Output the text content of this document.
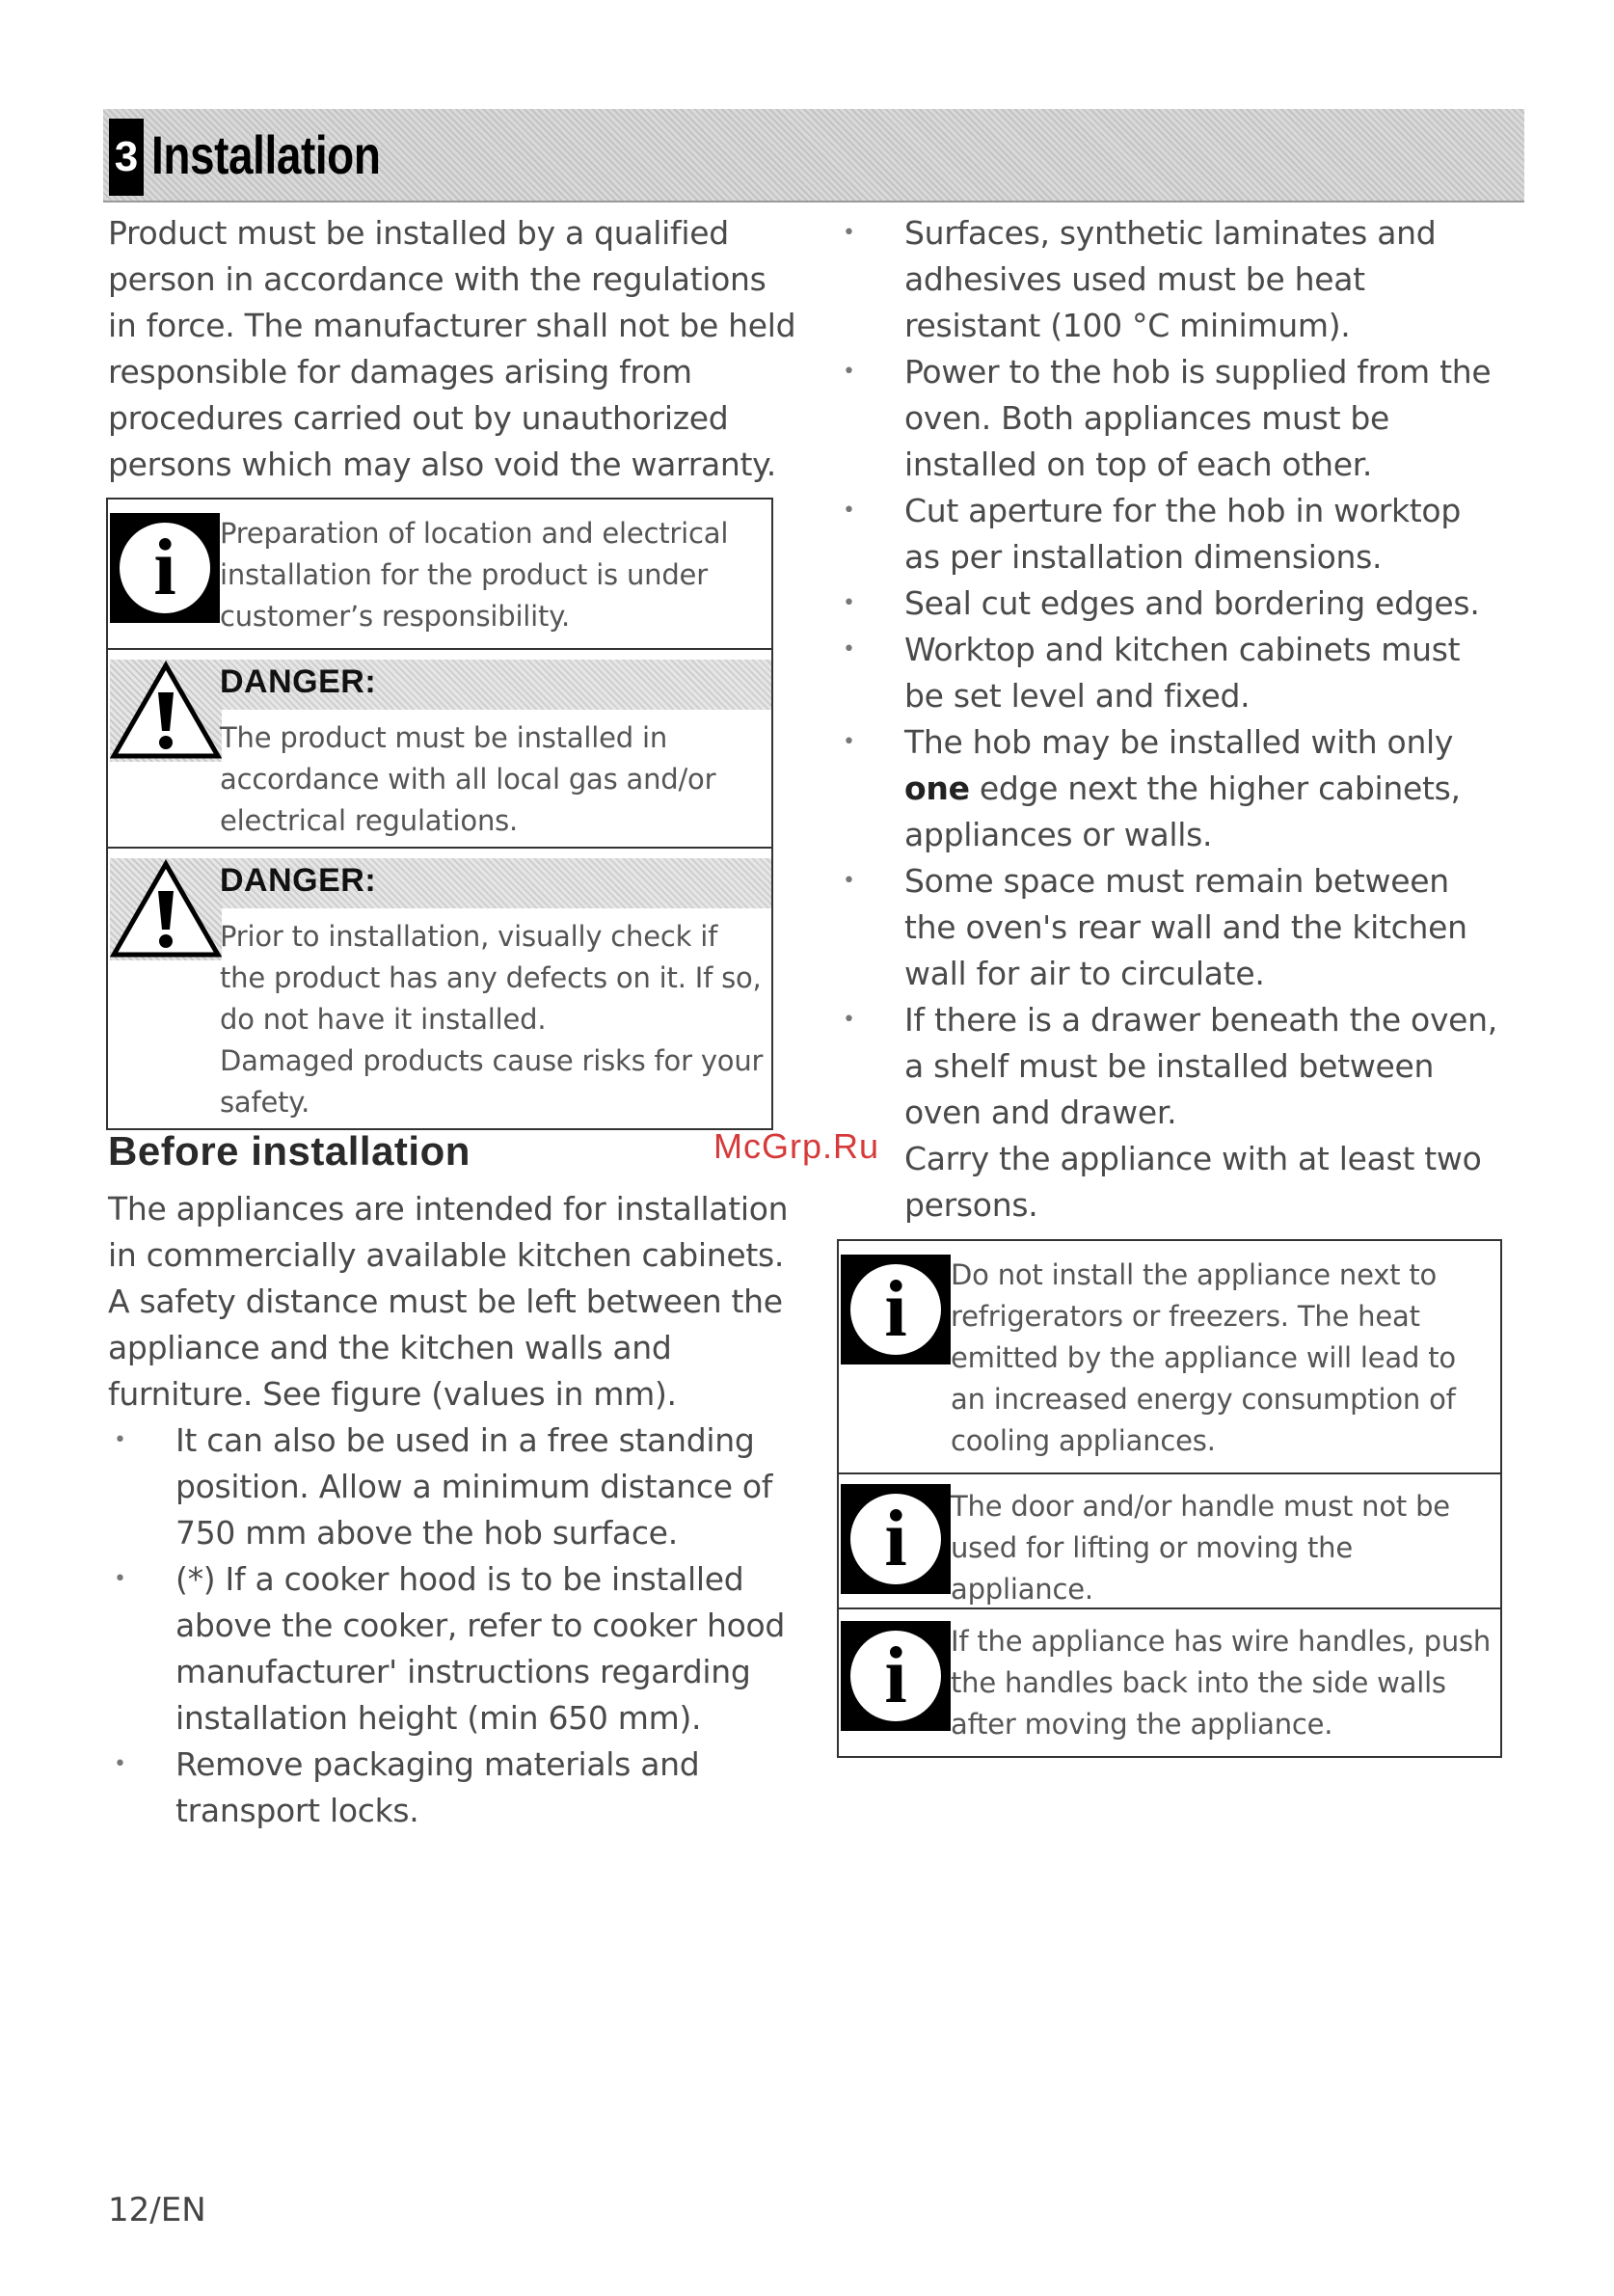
3 Installation

Product must be installed by a qualified person in accordance with the regulations in force. The manufacturer shall not be held responsible for damages arising from procedures carried out by unauthorized persons which may also void the warranty.

i	Preparation of location and electrical installation for the product is under customer’s responsibility.
DANGER:
The product must be installed in accordance with all local gas and/or electrical regulations.
DANGER:
Prior to installation, visually check if the product has any defects on it. If so, do not have it installed.
Damaged products cause risks for your safety.
Before installation	McGrp.Ru

The appliances are intended for installation in commercially available kitchen cabinets. A safety distance must be left between the appliance and the kitchen walls and furniture. See figure (values in mm).

• It can also be used in a free standing position. Allow a minimum distance of 750 mm above the hob surface.
• (*) If a cooker hood is to be installed above the cooker, refer to cooker hood manufacturer' instructions regarding installation height (min 650 mm).
• Remove packaging materials and transport locks.
• Surfaces, synthetic laminates and adhesives used must be heat resistant (100 °C minimum).
• Power to the hob is supplied from the oven. Both appliances must be installed on top of each other.
• Cut aperture for the hob in worktop as per installation dimensions.
• Seal cut edges and bordering edges.
• Worktop and kitchen cabinets must be set level and fixed.
• The hob may be installed with only one edge next the higher cabinets, appliances or walls.
• Some space must remain between the oven's rear wall and the kitchen wall for air to circulate.
• If there is a drawer beneath the oven, a shelf must be installed between oven and drawer.
Carry the appliance with at least two persons.
i	Do not install the appliance next to refrigerators or freezers. The heat emitted by the appliance will lead to an increased energy consumption of cooling appliances.
i	The door and/or handle must not be used for lifting or moving the appliance.
i	If the appliance has wire handles, push the handles back into the side walls after moving the appliance.
12/EN
